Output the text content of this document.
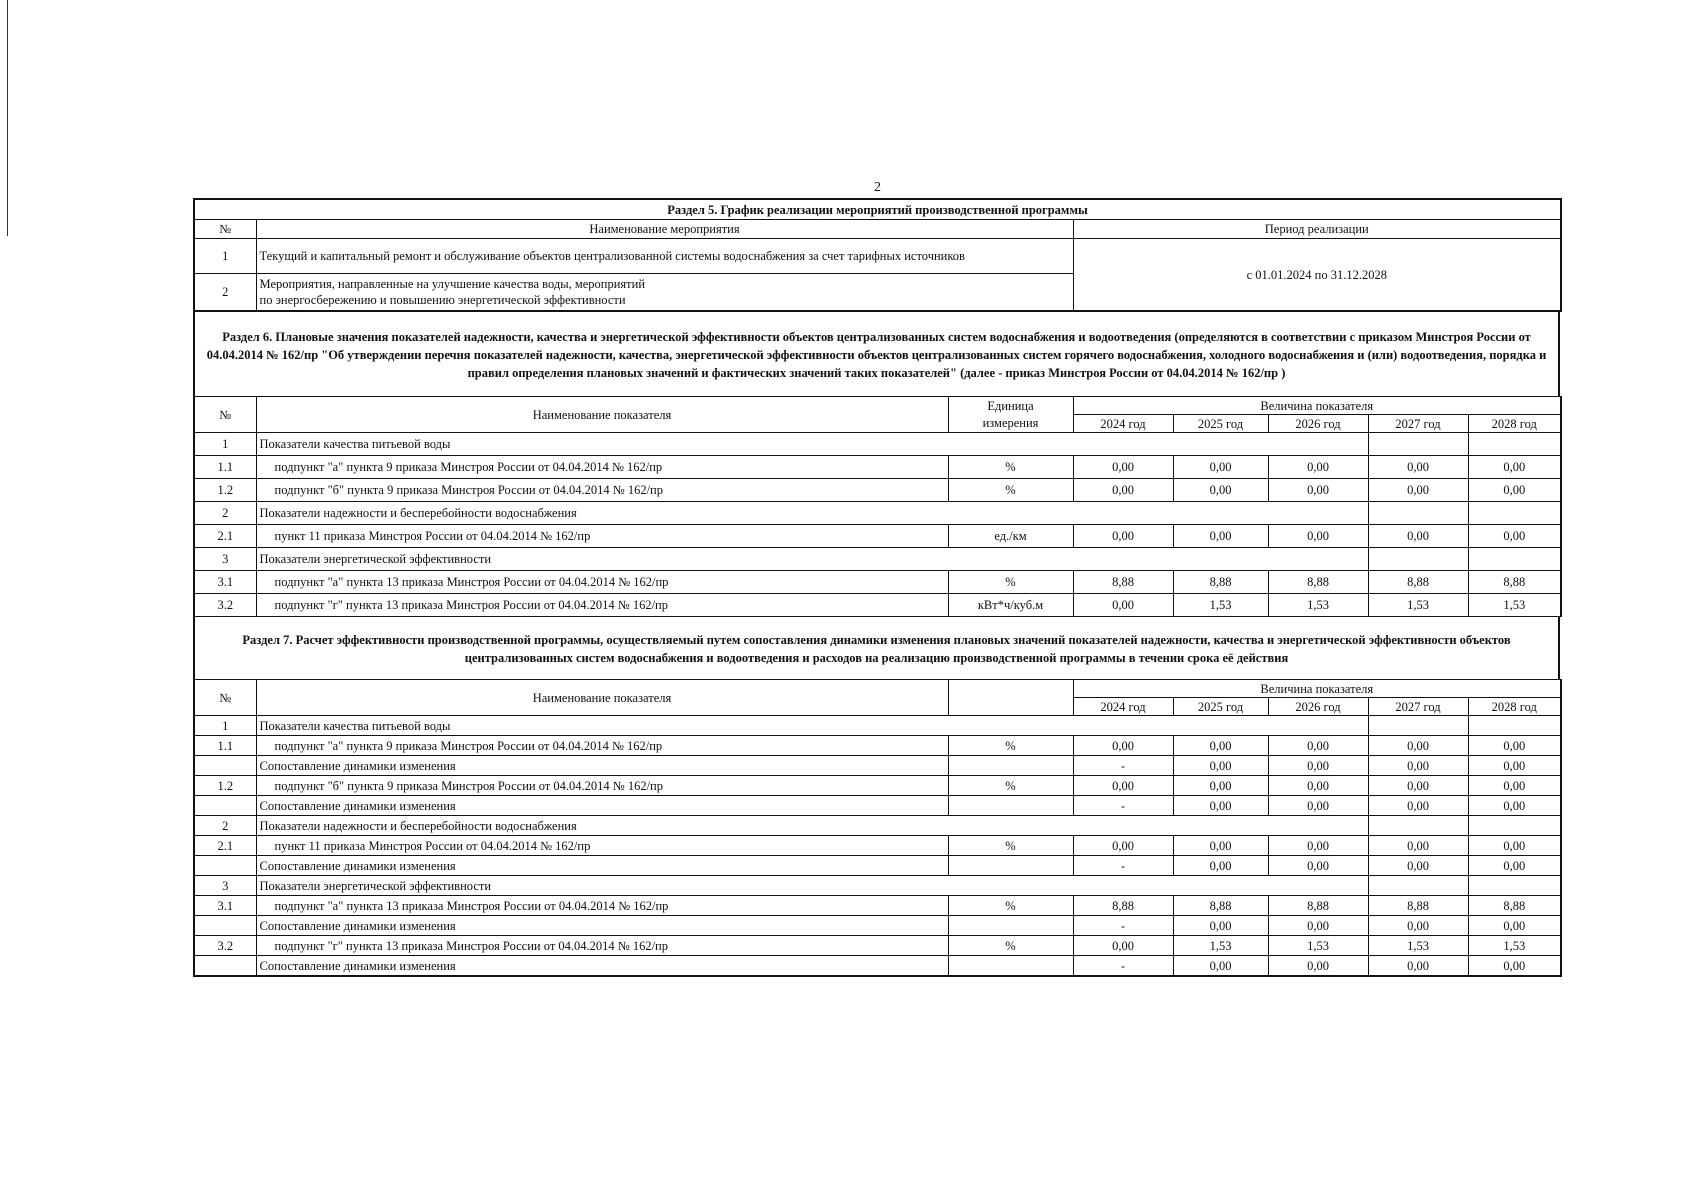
2
Раздел 5. График реализации мероприятий производственной программы		
№	Наименование мероприятия	Период реализации
1	Текущий и капитальный ремонт и обслуживание объектов централизованной системы водоснабжения за счет тарифных источников	с 01.01.2024 по 31.12.2028
2	Мероприятия, направленные на улучшение качества воды, мероприятий
по энергосбережению и повышению энергетической эффективности	
Раздел 6. Плановые значения показателей надежности, качества и энергетической эффективности объектов централизованных систем водоснабжения и водоотведения (определяются в соответствии с приказом Минстроя России от 04.04.2014 № 162/пр "Об утверждении перечня показателей надежности, качества, энергетической эффективности объектов централизованных систем горячего водоснабжения, холодного водоснабжения и (или) водоотведения, порядка и правил определения плановых значений и фактических значений таких показателей" (далее - приказ Минстроя России от 04.04.2014 № 162/пр )
№	Наименование показателя	Единица	Величина показателя				
		измерения	2024 год	2025 год	2026 год	2027 год	2028 год
1	Показатели качества питьевой воды						
1.1	подпункт "а" пункта 9 приказа Минстроя России от 04.04.2014 № 162/пр	%	0,00	0,00	0,00	0,00	0,00
1.2	подпункт "б" пункта 9 приказа Минстроя России от 04.04.2014 № 162/пр	%	0,00	0,00	0,00	0,00	0,00
2	Показатели надежности и бесперебойности водоснабжения						
2.1	пункт 11 приказа Минстроя России от 04.04.2014 № 162/пр	ед./км	0,00	0,00	0,00	0,00	0,00
3	Показатели энергетической эффективности						
3.1	подпункт "а" пункта 13 приказа Минстроя России от 04.04.2014 № 162/пр	%	8,88	8,88	8,88	8,88	8,88
3.2	подпункт "г" пункта 13 приказа Минстроя России от 04.04.2014 № 162/пр	кВт*ч/куб.м	0,00	1,53	1,53	1,53	1,53
Раздел 7. Расчет эффективности производственной программы, осуществляемый путем сопоставления динамики изменения плановых значений показателей надежности, качества и энергетической эффективности объектов централизованных систем водоснабжения и водоотведения и расходов на реализацию производственной программы в течении срока её действия
№	Наименование показателя		Величина показателя				
			2024 год	2025 год	2026 год	2027 год	2028 год
1	Показатели качества питьевой воды						
1.1	подпункт "а" пункта 9 приказа Минстроя России от 04.04.2014 № 162/пр	%	0,00	0,00	0,00	0,00	0,00
	Сопоставление динамики изменения		-	0,00	0,00	0,00	0,00
1.2	подпункт "б" пункта 9 приказа Минстроя России от 04.04.2014 № 162/пр	%	0,00	0,00	0,00	0,00	0,00
	Сопоставление динамики изменения		-	0,00	0,00	0,00	0,00
2	Показатели надежности и бесперебойности водоснабжения						
2.1	пункт 11 приказа Минстроя России от 04.04.2014 № 162/пр	%	0,00	0,00	0,00	0,00	0,00
	Сопоставление динамики изменения		-	0,00	0,00	0,00	0,00
3	Показатели энергетической эффективности						
3.1	подпункт "а" пункта 13 приказа Минстроя России от 04.04.2014 № 162/пр	%	8,88	8,88	8,88	8,88	8,88
	Сопоставление динамики изменения		-	0,00	0,00	0,00	0,00
3.2	подпункт "г" пункта 13 приказа Минстроя России от 04.04.2014 № 162/пр	%	0,00	1,53	1,53	1,53	1,53
	Сопоставление динамики изменения		-	0,00	0,00	0,00	0,00
